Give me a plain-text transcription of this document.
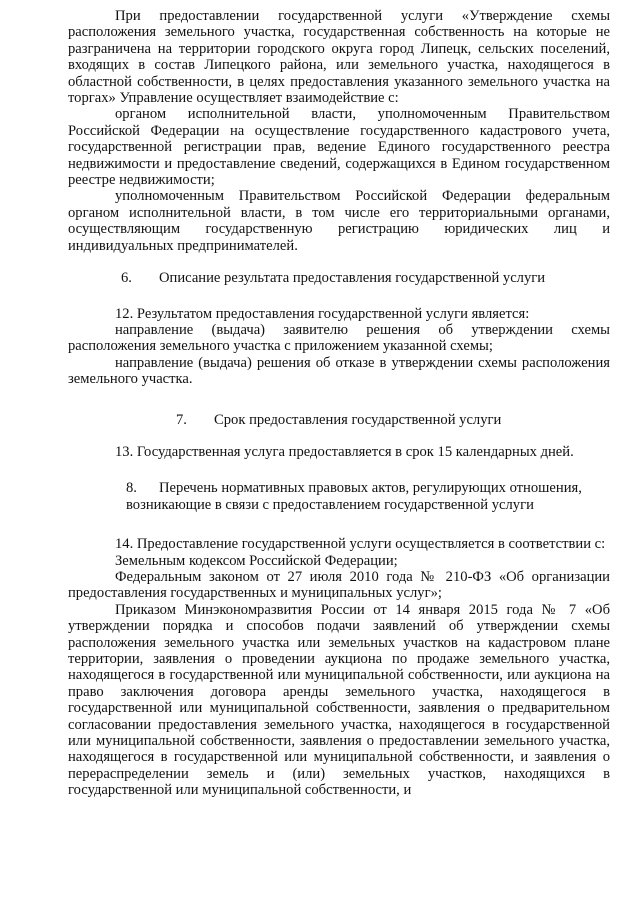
При предоставлении государственной услуги «Утверждение схемы расположения земельного участка, государственная собственность на которые не разграничена на территории городского округа город Липецк, сельских поселений, входящих в состав Липецкого района, или земельного участка, находящегося в областной собственности, в целях предоставления указанного земельного участка на торгах» Управление осуществляет взаимодействие с:

органом исполнительной власти, уполномоченным Правительством Российской Федерации на осуществление государственного кадастрового учета, государственной регистрации прав, ведение Единого государственного реестра недвижимости и предоставление сведений, содержащихся в Едином государственном реестре недвижимости;

уполномоченным Правительством Российской Федерации федеральным органом исполнительной власти, в том числе его территориальными органами, осуществляющим государственную регистрацию юридических лиц и индивидуальных предпринимателей.

6. Описание результата предоставления государственной услуги

12. Результатом предоставления государственной услуги является:

направление (выдача) заявителю решения об утверждении схемы расположения земельного участка с приложением указанной схемы;

направление (выдача) решения об отказе в утверждении схемы расположения земельного участка.

7. Срок предоставления государственной услуги

13. Государственная услуга предоставляется в срок 15 календарных дней.

8. Перечень нормативных правовых актов, регулирующих отношения, возникающие в связи с предоставлением государственной услуги

14. Предоставление государственной услуги осуществляется в соответствии с:

Земельным кодексом Российской Федерации;

Федеральным законом от 27 июля 2010 года № 210-ФЗ «Об организации предоставления государственных и муниципальных услуг»;

Приказом Минэкономразвития России от 14 января 2015 года № 7 «Об утверждении порядка и способов подачи заявлений об утверждении схемы расположения земельного участка или земельных участков на кадастровом плане территории, заявления о проведении аукциона по продаже земельного участка, находящегося в государственной или муниципальной собственности, или аукциона на право заключения договора аренды земельного участка, находящегося в государственной или муниципальной собственности, заявления о предварительном согласовании предоставления земельного участка, находящегося в государственной или муниципальной собственности, заявления о предоставлении земельного участка, находящегося в государственной или муниципальной собственности, и заявления о перераспределении земель и (или) земельных участков, находящихся в государственной или муниципальной собственности, и
